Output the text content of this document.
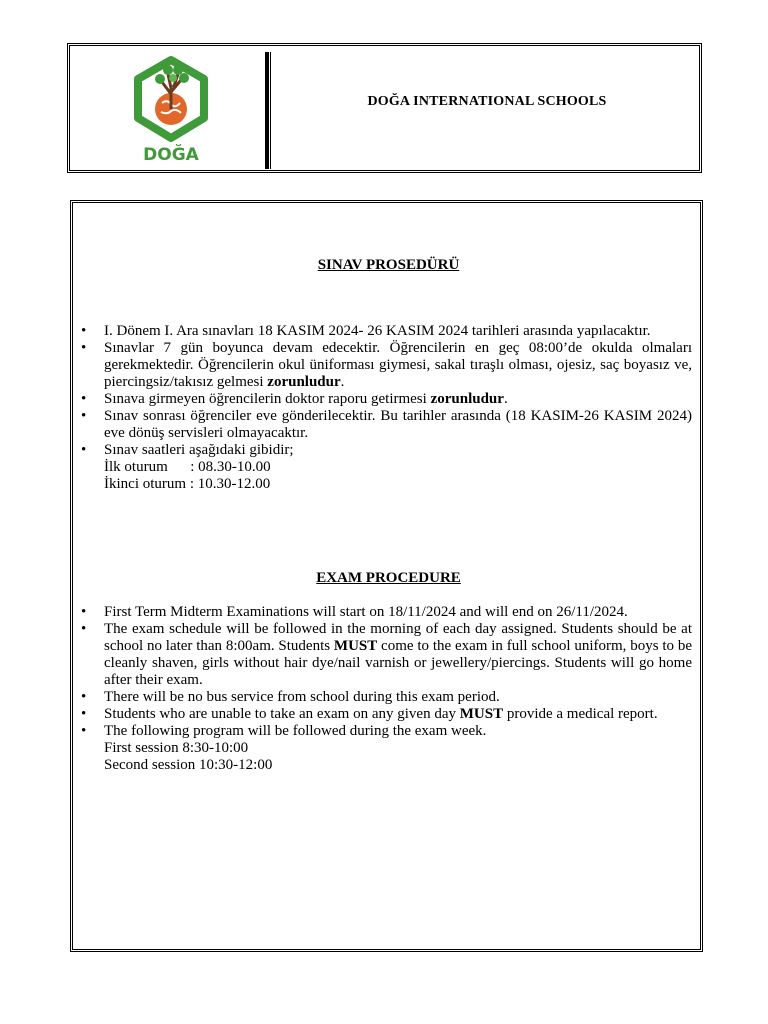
DOĞA
DOĞA INTERNATIONAL SCHOOLS
SINAV PROSEDÜRÜ
• I. Dönem I. Ara sınavları 18 KASIM 2024- 26 KASIM 2024 tarihleri arasında yapılacaktır.
• Sınavlar 7 gün boyunca devam edecektir. Öğrencilerin en geç 08:00’de okulda olmaları gerekmektedir. Öğrencilerin okul üniforması giymesi, sakal tıraşlı olması, ojesiz, saç boyasız ve, piercingsiz/takısız gelmesi zorunludur.
• Sınava girmeyen öğrencilerin doktor raporu getirmesi zorunludur.
• Sınav sonrası öğrenciler eve gönderilecektir. Bu tarihler arasında (18 KASIM-26 KASIM 2024) eve dönüş servisleri olmayacaktır.
• Sınav saatleri aşağıdaki gibidir;
İlk oturum      : 08.30-10.00
İkinci oturum : 10.30-12.00
EXAM PROCEDURE
• First Term Midterm Examinations will start on 18/11/2024 and will end on 26/11/2024.
• The exam schedule will be followed in the morning of each day assigned. Students should be at school no later than 8:00am. Students MUST come to the exam in full school uniform, boys to be cleanly shaven, girls without hair dye/nail varnish or jewellery/piercings. Students will go home after their exam.
• There will be no bus service from school during this exam period.
• Students who are unable to take an exam on any given day MUST provide a medical report.
• The following program will be followed during the exam week.
First session 8:30-10:00
Second session 10:30-12:00
